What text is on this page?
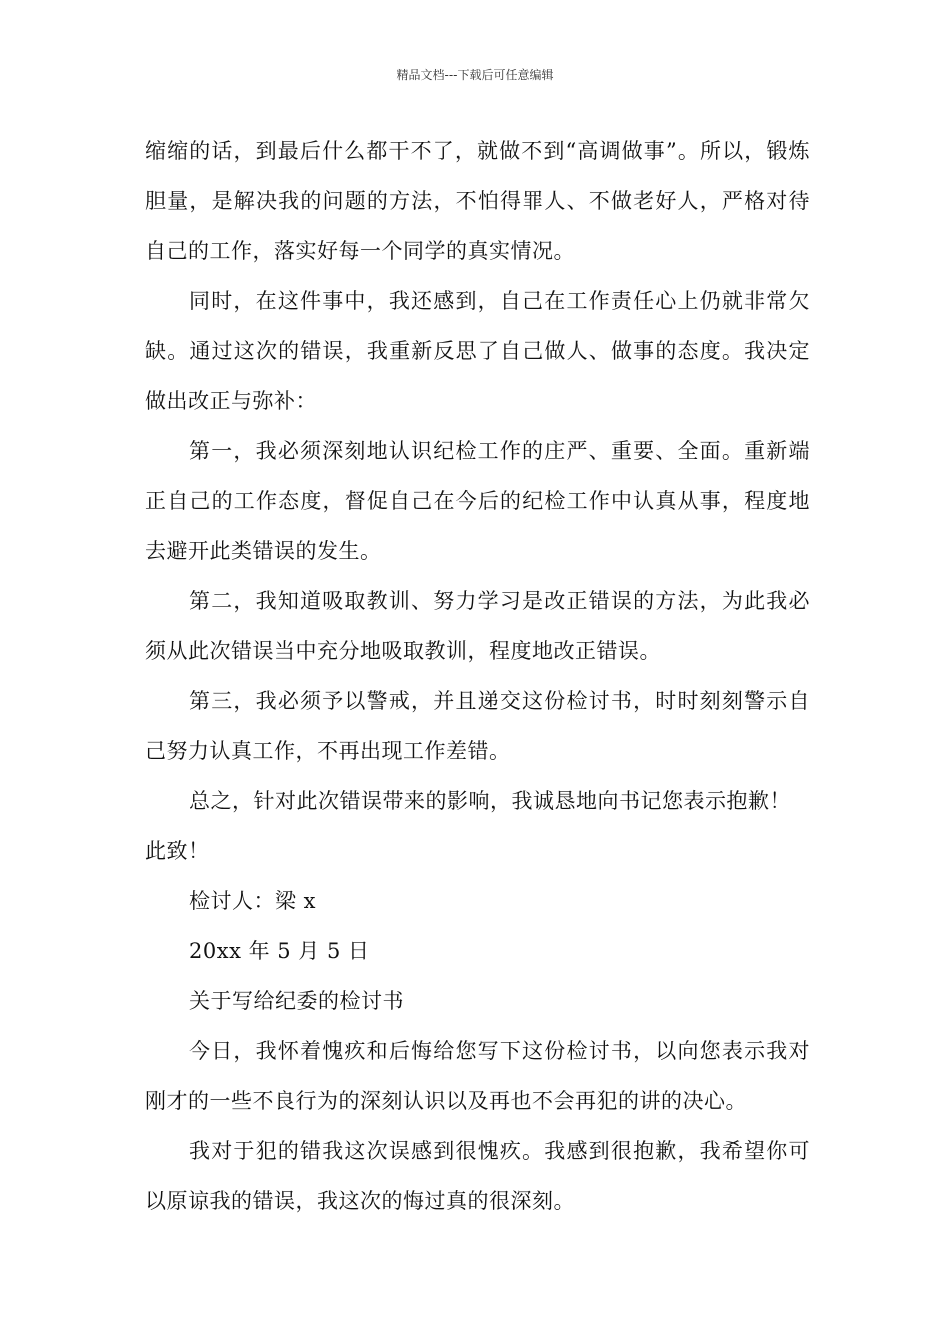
精品文档---下载后可任意编辑

缩缩的话，到最后什么都干不了，就做不到“高调做事”。所以，锻炼胆量，是解决我的问题的方法，不怕得罪人、不做老好人，严格对待自己的工作，落实好每一个同学的真实情况。

同时，在这件事中，我还感到，自己在工作责任心上仍就非常欠缺。通过这次的错误，我重新反思了自己做人、做事的态度。我决定做出改正与弥补：

第一，我必须深刻地认识纪检工作的庄严、重要、全面。重新端正自己的工作态度，督促自己在今后的纪检工作中认真从事，程度地去避开此类错误的发生。

第二，我知道吸取教训、努力学习是改正错误的方法，为此我必须从此次错误当中充分地吸取教训，程度地改正错误。

第三，我必须予以警戒，并且递交这份检讨书，时时刻刻警示自己努力认真工作，不再出现工作差错。

总之，针对此次错误带来的影响，我诚恳地向书记您表示抱歉！

此致！

检讨人：梁 x

20xx 年 5 月 5 日

关于写给纪委的检讨书

今日，我怀着愧疚和后悔给您写下这份检讨书，以向您表示我对刚才的一些不良行为的深刻认识以及再也不会再犯的讲的决心。

我对于犯的错我这次误感到很愧疚。我感到很抱歉，我希望你可以原谅我的错误，我这次的悔过真的很深刻。
